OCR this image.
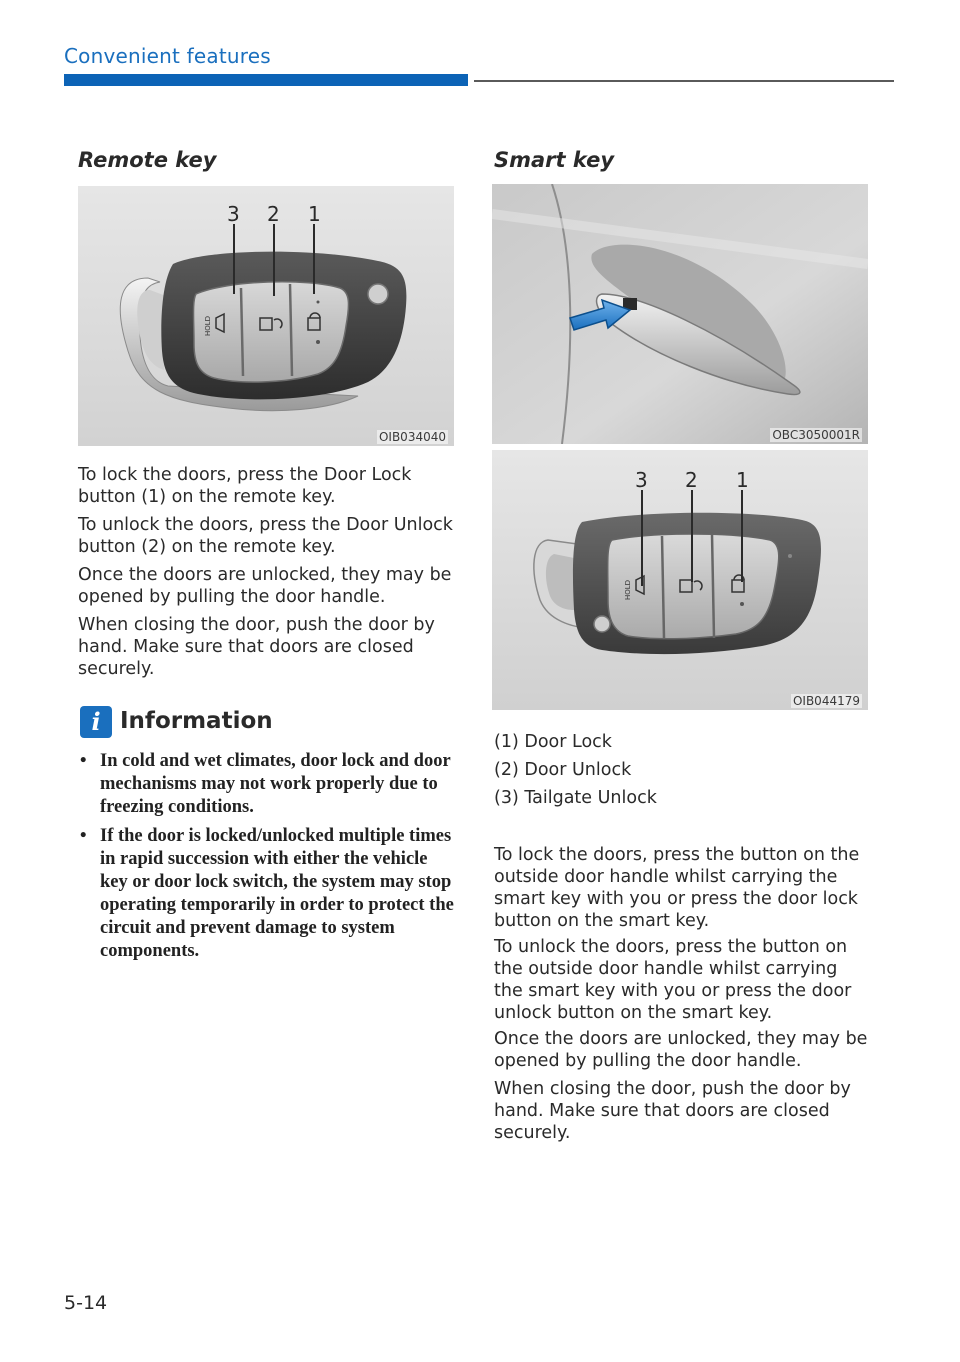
Convenient features
Remote key
HOLD
3 2 1
OIB034040

To lock the doors, press the Door Lock button (1) on the remote key.

To unlock the doors, press the Door Unlock button (2) on the remote key.

Once the doors are unlocked, they may be opened by pulling the door handle.

When closing the door, push the door by hand. Make sure that doors are closed securely.

i Information
• In cold and wet climates, door lock and door mechanisms may not work properly due to freezing conditions.
• If the door is locked/unlocked multiple times in rapid succession with either the vehicle key or door lock switch, the system may stop operating temporarily in order to protect the circuit and prevent damage to system components.
Smart key
OBC3050001R
HOLD
3 2 1
OIB044179
(1) Door Lock
(2) Door Unlock
(3) Tailgate Unlock

To lock the doors, press the button on the outside door handle whilst carrying the smart key with you or press the door lock button on the smart key.

To unlock the doors, press the button on the outside door handle whilst carrying the smart key with you or press the door unlock button on the smart key.

Once the doors are unlocked, they may be opened by pulling the door handle.

When closing the door, push the door by hand. Make sure that doors are closed securely.

5-14
